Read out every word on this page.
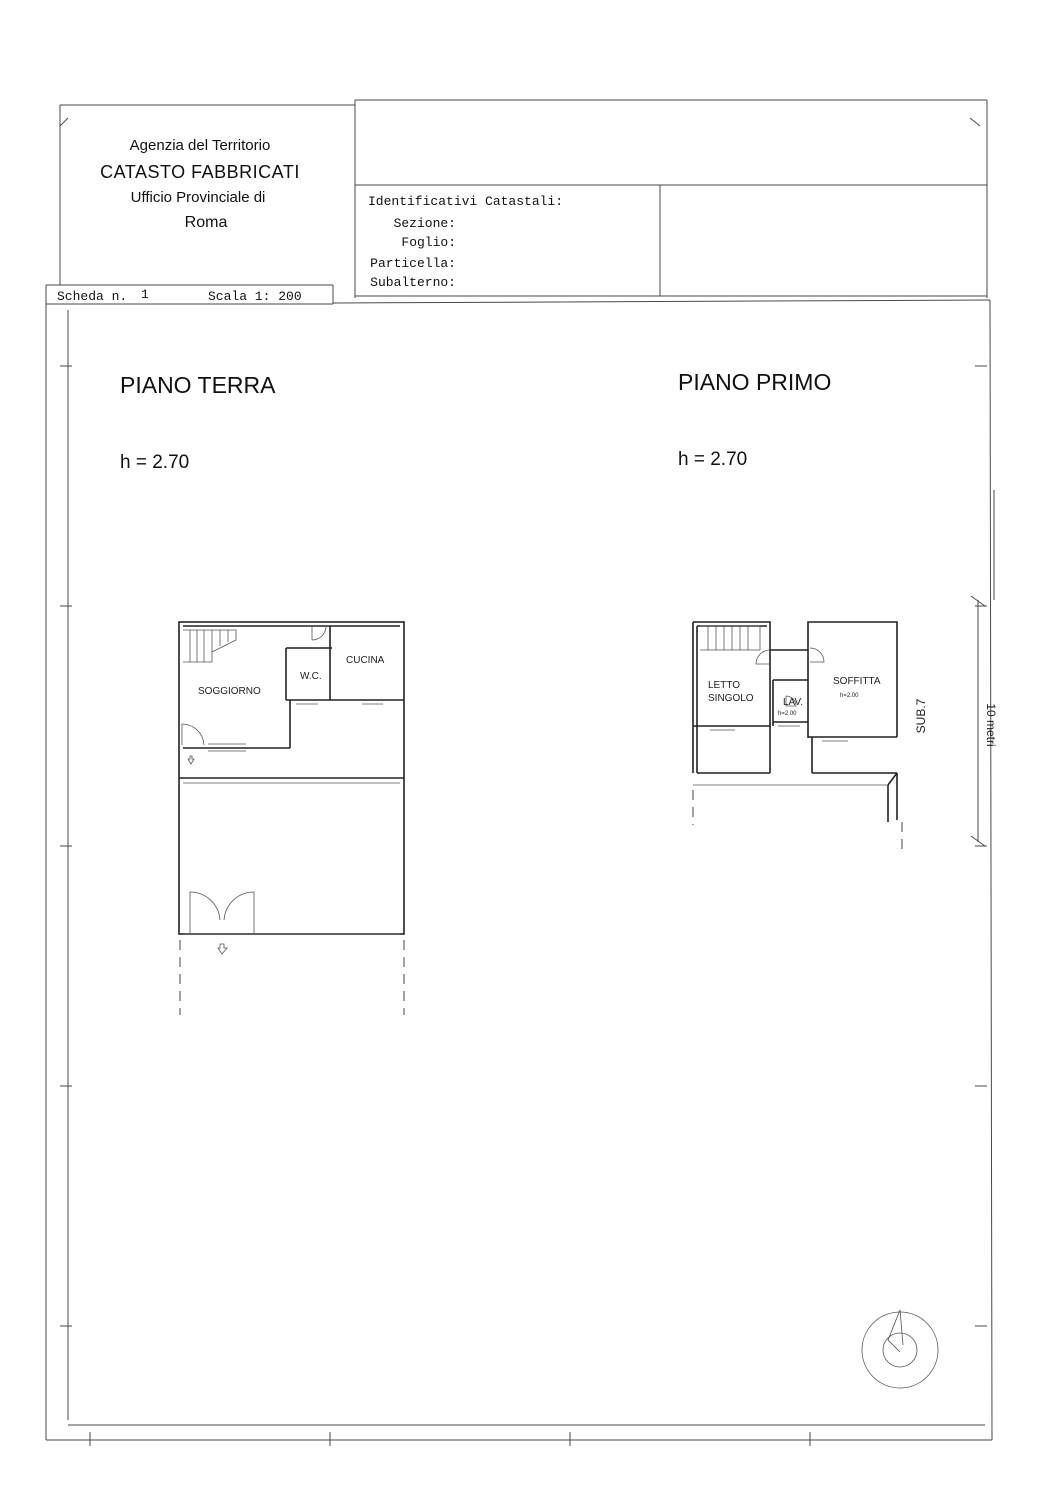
Agenzia del Territorio
CATASTO FABBRICATI
Ufficio Provinciale di
Roma
Identificativi Catastali:
Sezione:
Foglio:
Particella:
Subalterno:
Scheda n. 1	Scala 1: 200
PIANO TERRA
h = 2.70
PIANO PRIMO
h = 2.70
SOGGIORNO
W.C.
CUCINA
LETTO
SINGOLO	LAV.
h=2.00
SOFFITTA
h=2.00
SUB.7	10 metri
